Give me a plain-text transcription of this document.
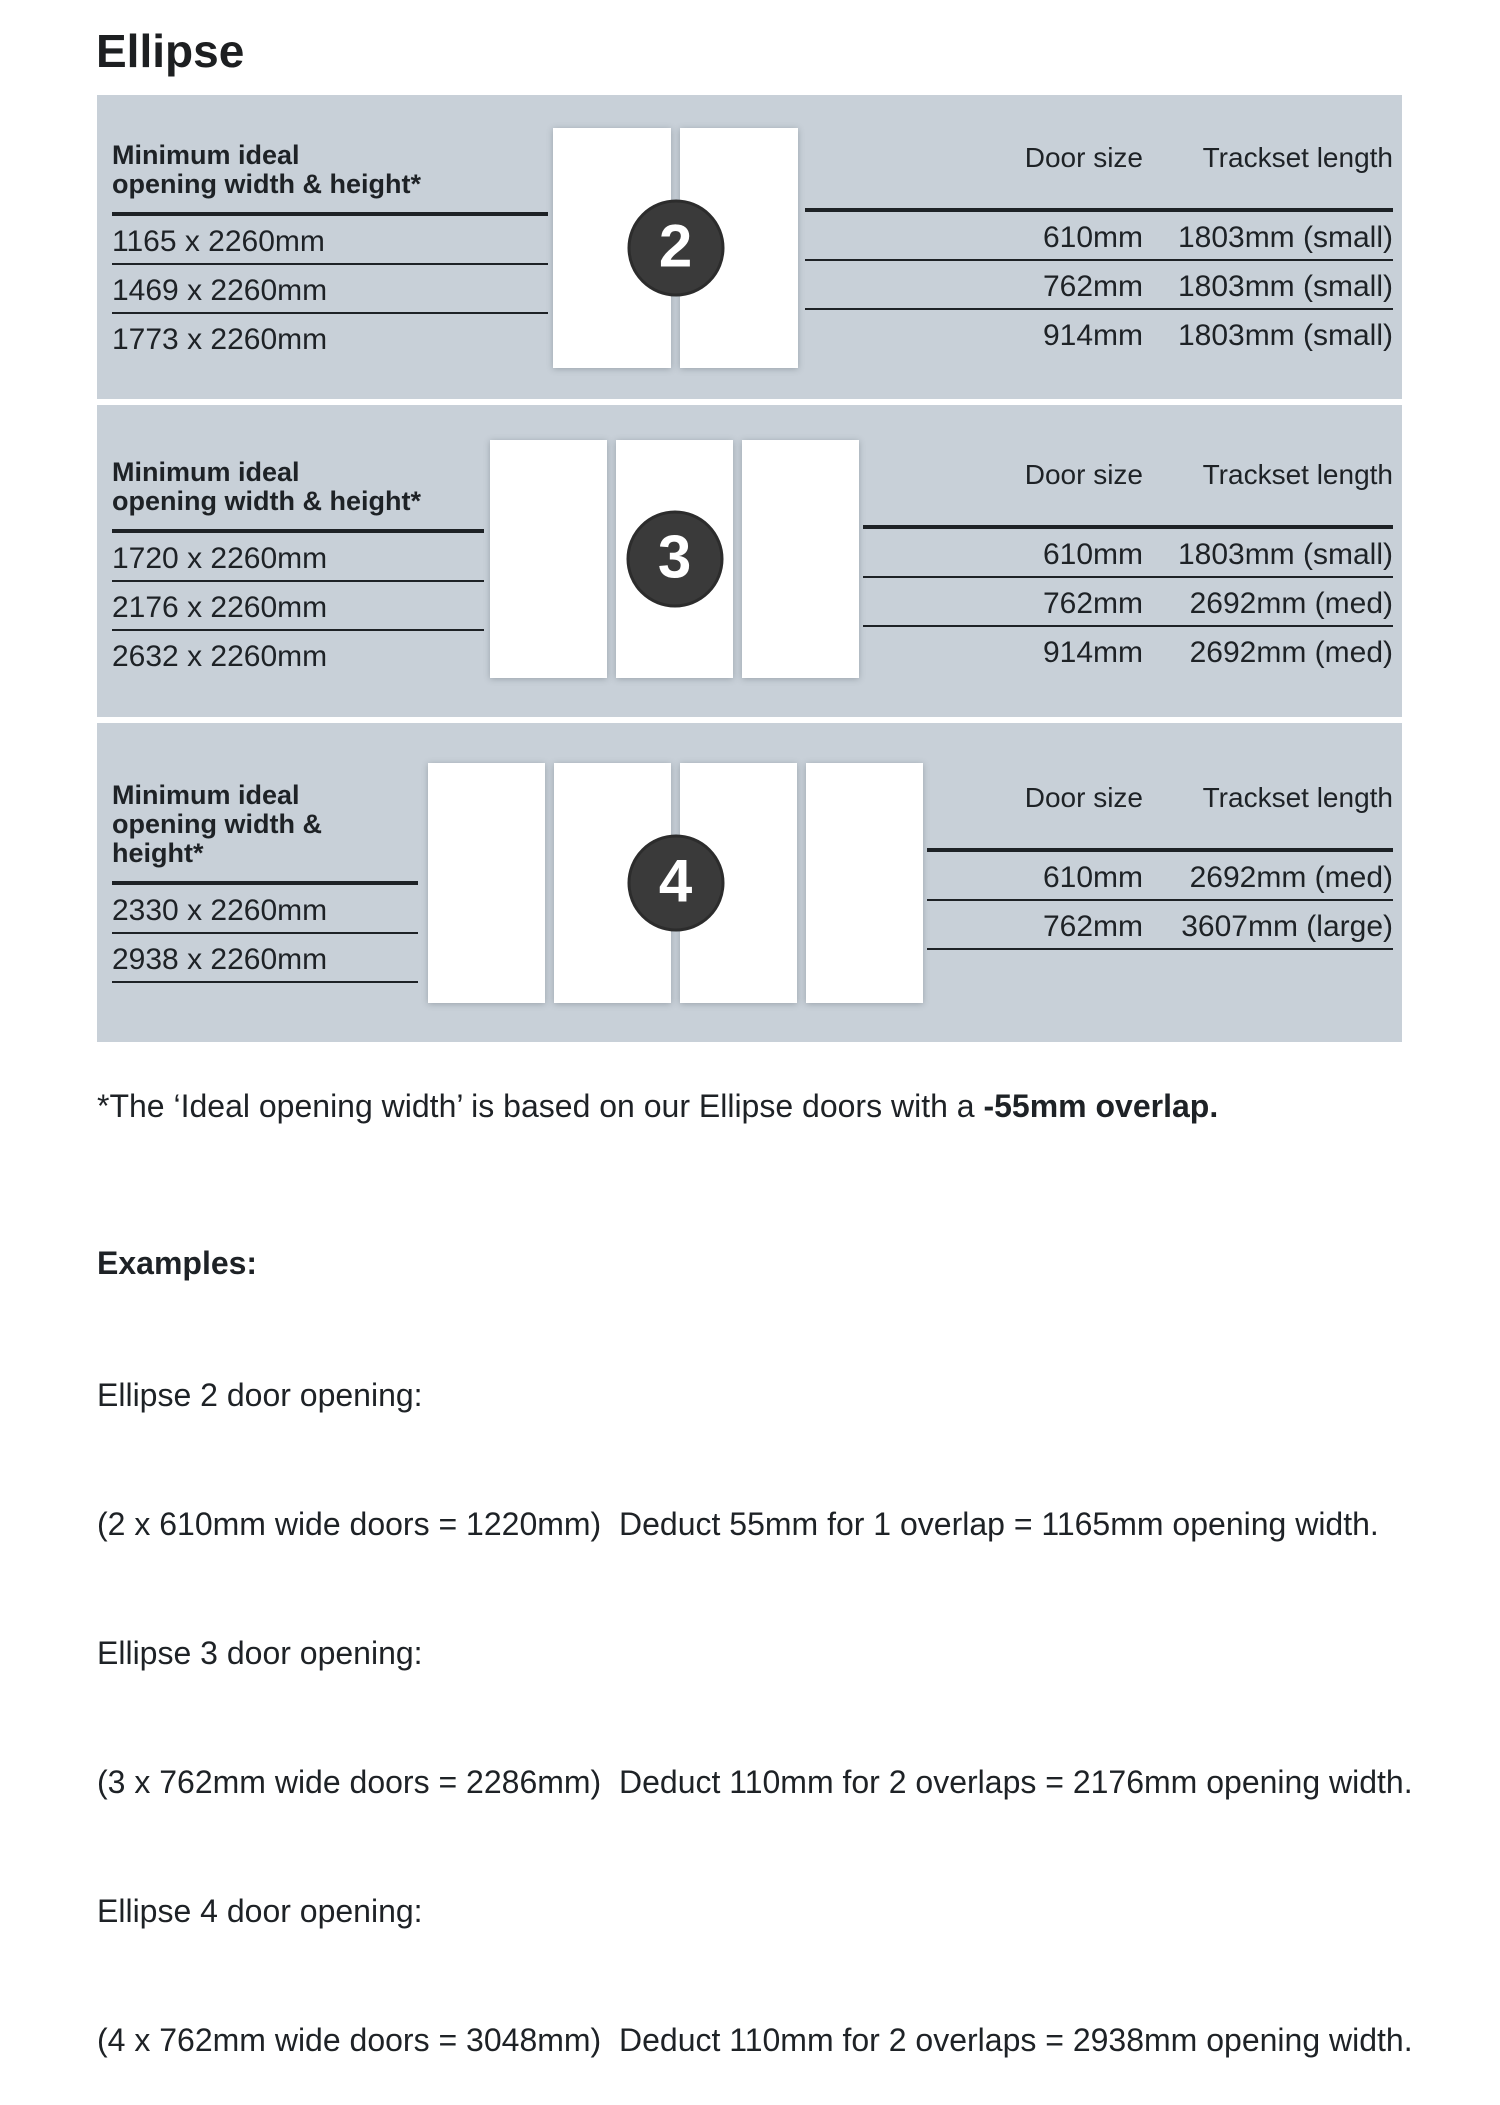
Ellipse
Minimum ideal
opening width & height*
1165 x 2260mm
1469 x 2260mm
1773 x 2260mm
2
Door size	Trackset length
610mm	1803mm (small)
762mm	1803mm (small)
914mm	1803mm (small)
Minimum ideal
opening width & height*
1720 x 2260mm
2176 x 2260mm
2632 x 2260mm
3
Door size	Trackset length
610mm	1803mm (small)
762mm	2692mm (med)
914mm	2692mm (med)
Minimum ideal
opening width & height*
2330 x 2260mm
2938 x 2260mm
4
Door size	Trackset length
610mm	2692mm (med)
762mm	3607mm (large)

*The ‘Ideal opening width’ is based on our Ellipse doors with a -55mm overlap.

Examples:

Ellipse 2 door opening:

(2 x 610mm wide doors = 1220mm)  Deduct 55mm for 1 overlap = 1165mm opening width.

Ellipse 3 door opening:

(3 x 762mm wide doors = 2286mm)  Deduct 110mm for 2 overlaps = 2176mm opening width.

Ellipse 4 door opening:

(4 x 762mm wide doors = 3048mm)  Deduct 110mm for 2 overlaps = 2938mm opening width.
